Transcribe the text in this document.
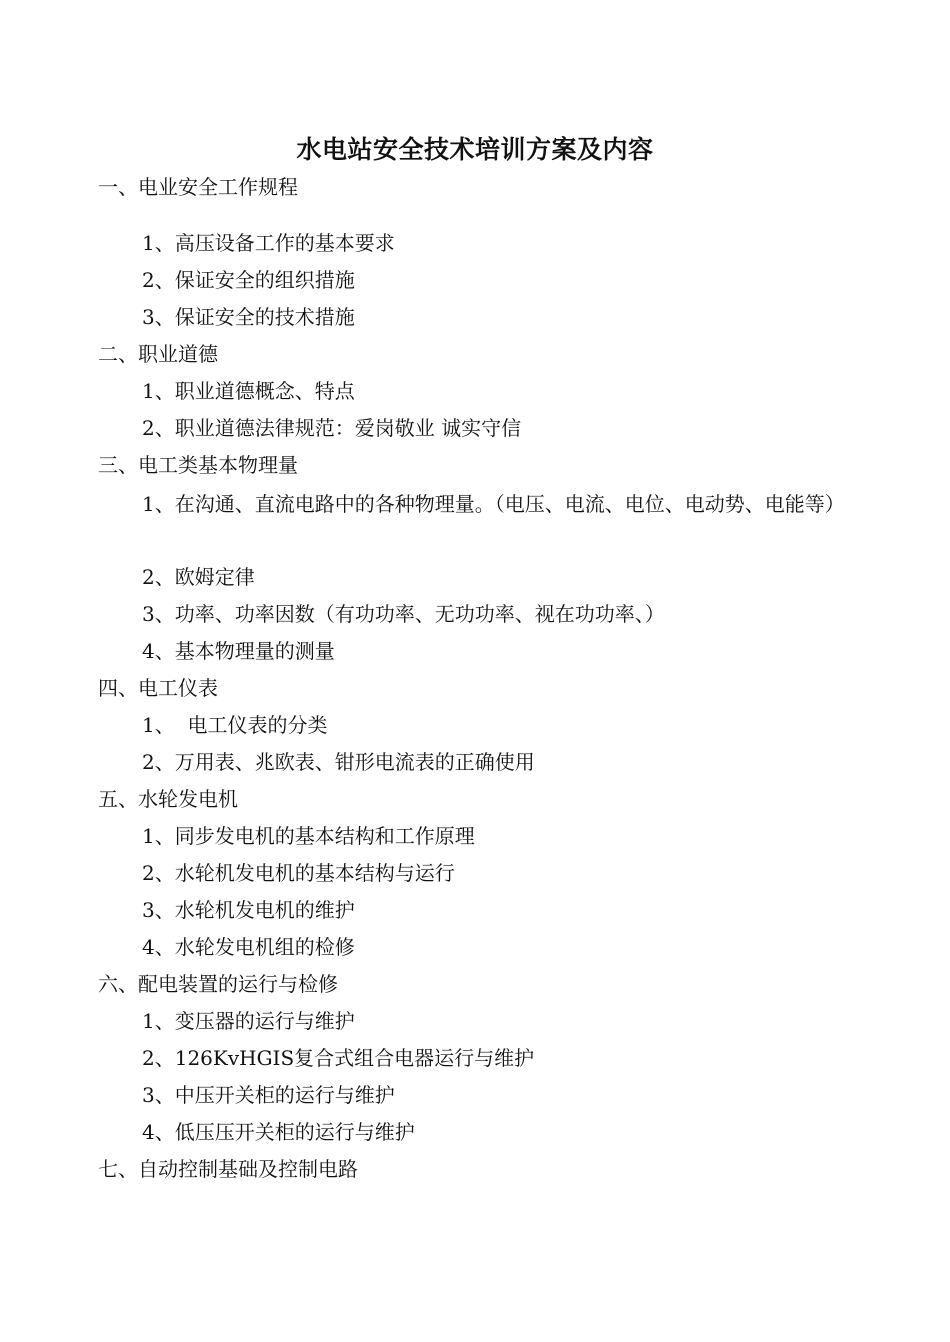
水电站安全技术培训方案及内容
一、电业安全工作规程
1、高压设备工作的基本要求
2、保证安全的组织措施
3、保证安全的技术措施
二、职业道德
1、职业道德概念、特点
2、职业道德法律规范：爱岗敬业 诚实守信
三、电工类基本物理量
1、在沟通、直流电路中的各种物理量。（电压、电流、电位、电动势、电能等）
2、欧姆定律
3、功率、功率因数（有功功率、无功功率、视在功功率、）
4、基本物理量的测量
四、电工仪表
1、  电工仪表的分类
2、万用表、兆欧表、钳形电流表的正确使用
五、水轮发电机
1、同步发电机的基本结构和工作原理
2、水轮机发电机的基本结构与运行
3、水轮机发电机的维护
4、水轮发电机组的检修
六、配电装置的运行与检修
1、变压器的运行与维护
2、126KvHGIS复合式组合电器运行与维护
3、中压开关柜的运行与维护
4、低压压开关柜的运行与维护
七、自动控制基础及控制电路
